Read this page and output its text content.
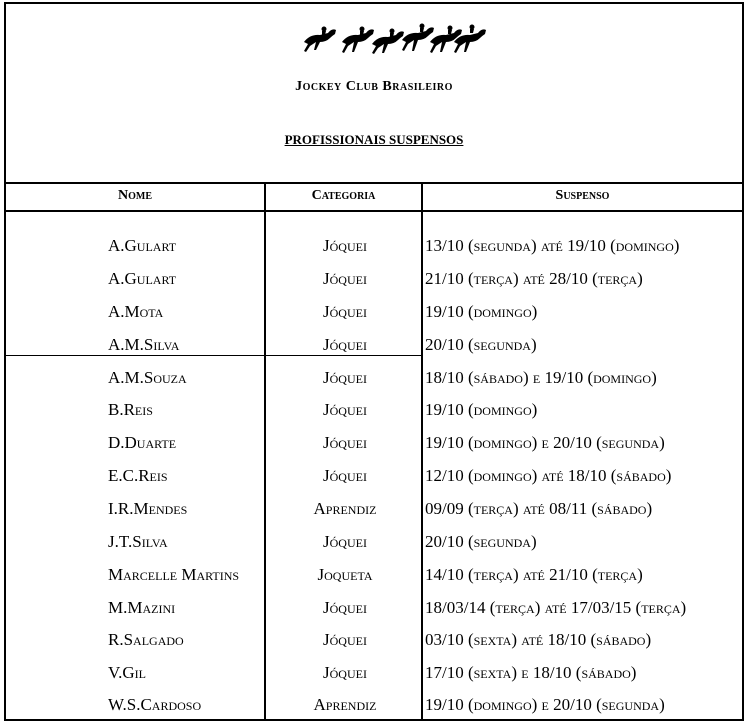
Jockey Club Brasileiro
PROFISSIONAIS SUSPENSOS
Nome	Categoria	Suspenso
A.Gulart	Jóquei	13/10 (segunda) até 19/10 (domingo)
A.Gulart	Jóquei	21/10 (terça) até 28/10 (terça)
A.Mota	Jóquei	19/10 (domingo)
A.M.Silva	Jóquei	20/10 (segunda)
A.M.Souza	Jóquei	18/10 (sábado) e 19/10 (domingo)
B.Reis	Jóquei	19/10 (domingo)
D.Duarte	Jóquei	19/10 (domingo) e 20/10 (segunda)
E.C.Reis	Jóquei	12/10 (domingo) até 18/10 (sábado)
I.R.Mendes	Aprendiz	09/09 (terça) até 08/11 (sábado)
J.T.Silva	Jóquei	20/10 (segunda)
Marcelle Martins	Joqueta	14/10 (terça) até 21/10 (terça)
M.Mazini	Jóquei	18/03/14 (terça) até 17/03/15 (terça)
R.Salgado	Jóquei	03/10 (sexta) até 18/10 (sábado)
V.Gil	Jóquei	17/10 (sexta) e 18/10 (sábado)
W.S.Cardoso	Aprendiz	19/10 (domingo) e 20/10 (segunda)
